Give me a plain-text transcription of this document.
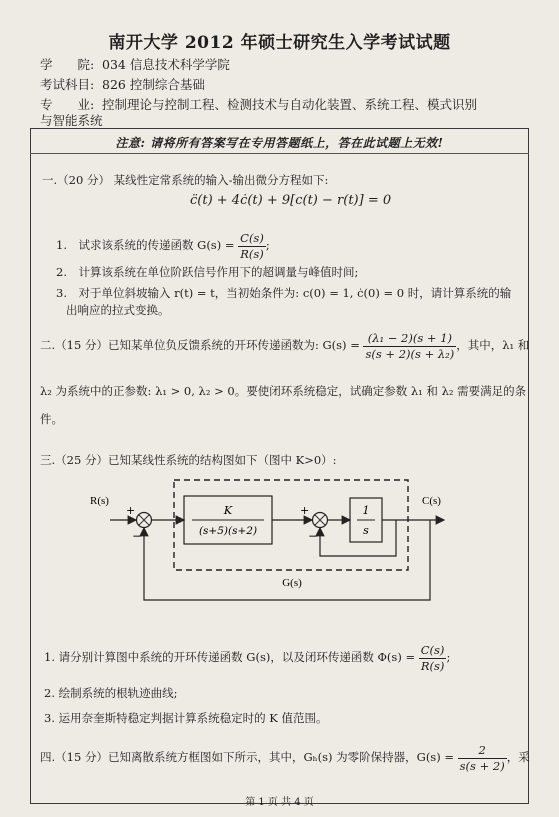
南开大学 2012 年硕士研究生入学考试试题
学　　院: 034 信息技术科学学院
考试科目: 826 控制综合基础
专　　业: 控制理论与控制工程、检测技术与自动化装置、系统工程、模式识别
与智能系统
注意: 请将所有答案写在专用答题纸上，答在此试题上无效!
一.（20 分） 某线性定常系统的输入-输出微分方程如下:
c̈(t) + 4ċ(t) + 9[c(t) − r(t)] = 0
1.　试求该系统的传递函数 $G(s) = \frac{C(s)}{R(s)}$ ;
2.　计算该系统在单位阶跃信号作用下的超调量与峰值时间;
3.　对于单位斜坡输入 r(t) = t，当初始条件为: c(0) = 1, ċ(0) = 0 时，请计算系统的输
出响应的拉式变换。
二.（15 分）已知某单位负反馈系统的开环传递函数为: $G(s) = \frac{\text{(λ₁ − 2)(s + 1)}}{\text{s(s + 2)(s + λ₂)}}$ ，其中，λ₁ 和
λ₂ 为系统中的正参数: λ₁ > 0, λ₂ > 0。要使闭环系统稳定，试确定参数 λ₁ 和 λ₂ 需要满足的条
件。
三.（25 分）已知某线性系统的结构图如下（图中 K>0）:
R(s)
+
−
K
(s+5)(s+2)
+
−
1
s
C(s)
G(s)
1. 请分别计算图中系统的开环传递函数 G(s)，以及闭环传递函数 $\Phi(s) = \frac{C(s)}{R(s)}$ ;
2. 绘制系统的根轨迹曲线;
3. 运用奈奎斯特稳定判据计算系统稳定时的 K 值范围。
四.（15 分）已知离散系统方框图如下所示，其中，Gₕ(s) 为零阶保持器，$G(s) = \frac{2}{s(s + 2)}$ ，采
第 1 页 共 4 页
